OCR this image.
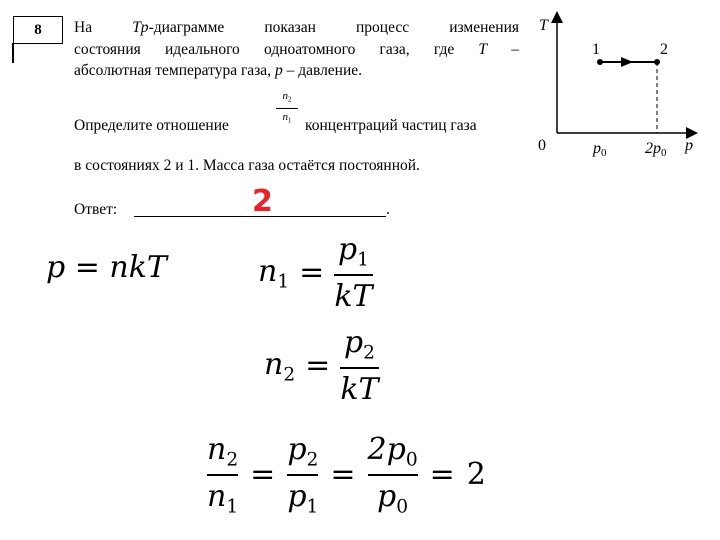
8	На Tp-диаграмме показан процесс изменения
состояния идеального одноатомного газа, где T –
абсолютная температура газа, p – давление.
Определите отношение
$n_2$
$n_1$ концентраций частиц газа
в состояниях 2 и 1. Масса газа остаётся постоянной.
Ответ:	.
2
T
p
0
1	2
p0 2p0
p = nkT	$n_1 = \frac{p_1}{kT}$
$n_2 = \frac{p_2}{kT}$
$\frac{n_2}{n_1} = \frac{p_2}{p_1} = \frac{2p_0}{p_0} = 2$
